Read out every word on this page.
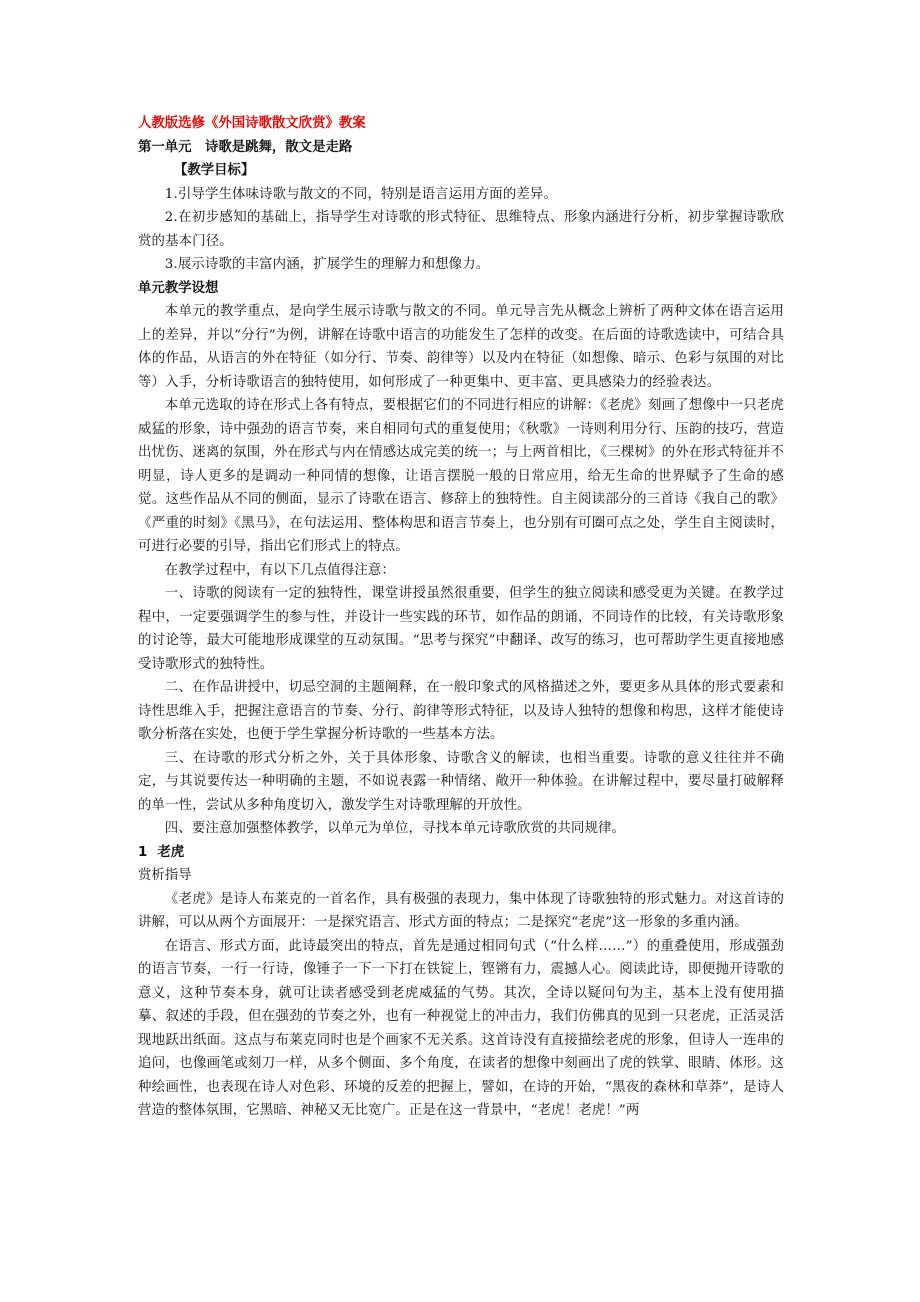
人教版选修《外国诗歌散文欣赏》教案

第一单元　诗歌是跳舞，散文是走路

【教学目标】

1.引导学生体味诗歌与散文的不同，特别是语言运用方面的差异。

2.在初步感知的基础上，指导学生对诗歌的形式特征、思维特点、形象内涵进行分析，初步掌握诗歌欣赏的基本门径。

3.展示诗歌的丰富内涵，扩展学生的理解力和想像力。

单元教学设想

本单元的教学重点，是向学生展示诗歌与散文的不同。单元导言先从概念上辨析了两种文体在语言运用上的差异，并以“分行”为例，讲解在诗歌中语言的功能发生了怎样的改变。在后面的诗歌选读中，可结合具体的作品，从语言的外在特征（如分行、节奏、韵律等）以及内在特征（如想像、暗示、色彩与氛围的对比等）入手，分析诗歌语言的独特使用，如何形成了一种更集中、更丰富、更具感染力的经验表达。

本单元选取的诗在形式上各有特点，要根据它们的不同进行相应的讲解：《老虎》刻画了想像中一只老虎威猛的形象，诗中强劲的语言节奏，来自相同句式的重复使用；《秋歌》一诗则利用分行、压韵的技巧，营造出忧伤、迷离的氛围，外在形式与内在情感达成完美的统一；与上两首相比，《三棵树》的外在形式特征并不明显，诗人更多的是调动一种同情的想像，让语言摆脱一般的日常应用，给无生命的世界赋予了生命的感觉。这些作品从不同的侧面，显示了诗歌在语言、修辞上的独特性。自主阅读部分的三首诗《我自己的歌》《严重的时刻》《黑马》，在句法运用、整体构思和语言节奏上，也分别有可圈可点之处，学生自主阅读时，可进行必要的引导，指出它们形式上的特点。

在教学过程中，有以下几点值得注意：

一、诗歌的阅读有一定的独特性，课堂讲授虽然很重要，但学生的独立阅读和感受更为关键。在教学过程中，一定要强调学生的参与性，并设计一些实践的环节，如作品的朗诵，不同诗作的比较，有关诗歌形象的讨论等，最大可能地形成课堂的互动氛围。“思考与探究”中翻译、改写的练习，也可帮助学生更直接地感受诗歌形式的独特性。

二、在作品讲授中，切忌空洞的主题阐释，在一般印象式的风格描述之外，要更多从具体的形式要素和诗性思维入手，把握注意语言的节奏、分行、韵律等形式特征，以及诗人独特的想像和构思，这样才能使诗歌分析落在实处，也便于学生掌握分析诗歌的一些基本方法。

三、在诗歌的形式分析之外，关于具体形象、诗歌含义的解读，也相当重要。诗歌的意义往往并不确定，与其说要传达一种明确的主题，不如说表露一种情绪、敞开一种体验。在讲解过程中，要尽量打破解释的单一性，尝试从多种角度切入，激发学生对诗歌理解的开放性。

四、要注意加强整体教学，以单元为单位，寻找本单元诗歌欣赏的共同规律。

1 老虎

赏析指导

《老虎》是诗人布莱克的一首名作，具有极强的表现力，集中体现了诗歌独特的形式魅力。对这首诗的讲解，可以从两个方面展开：一是探究语言、形式方面的特点；二是探究“老虎”这一形象的多重内涵。

在语言、形式方面，此诗最突出的特点，首先是通过相同句式（“什么样……”）的重叠使用，形成强劲的语言节奏，一行一行诗，像锤子一下一下打在铁锭上，铿锵有力，震撼人心。阅读此诗，即便抛开诗歌的意义，这种节奏本身，就可让读者感受到老虎威猛的气势。其次，全诗以疑问句为主，基本上没有使用描摹、叙述的手段，但在强劲的节奏之外，也有一种视觉上的冲击力，我们仿佛真的见到一只老虎，正活灵活现地跃出纸面。这点与布莱克同时也是个画家不无关系。这首诗没有直接描绘老虎的形象，但诗人一连串的追问，也像画笔或刻刀一样，从多个侧面、多个角度，在读者的想像中刻画出了虎的铁掌、眼睛、体形。这种绘画性，也表现在诗人对色彩、环境的反差的把握上，譬如，在诗的开始，“黑夜的森林和草莽”，是诗人营造的整体氛围，它黑暗、神秘又无比宽广。正是在这一背景中，“老虎！老虎！”两
